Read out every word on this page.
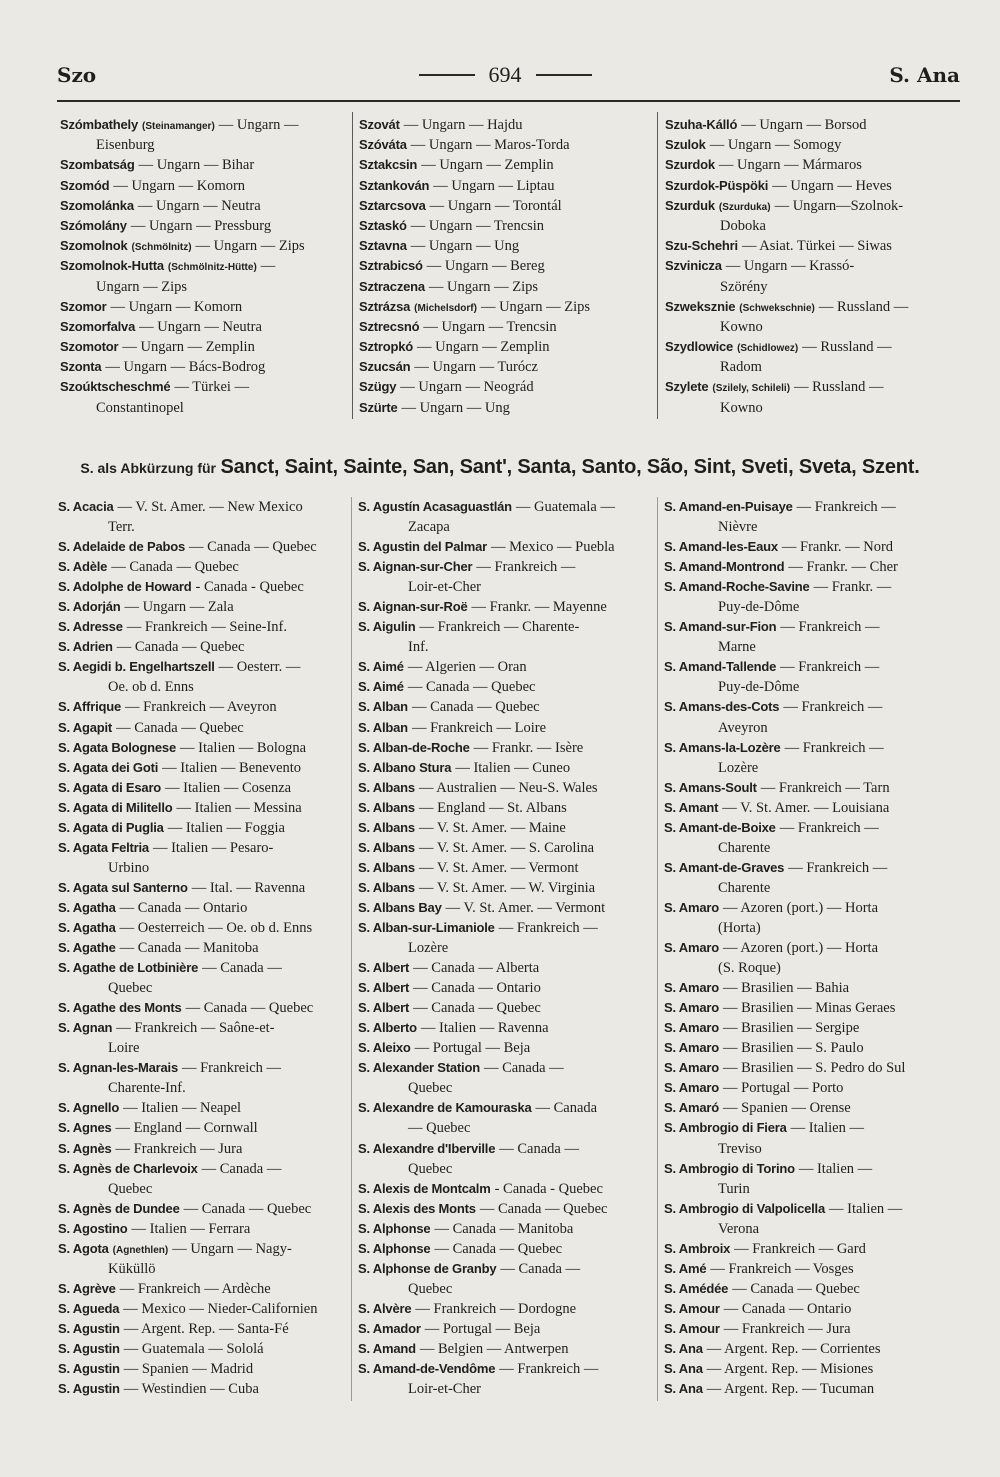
Szo	694	S. Ana
Szómbathely (Steinamanger) — Ungarn —
Eisenburg
Szombatság — Ungarn — Bihar
Szomód — Ungarn — Komorn
Szomolánka — Ungarn — Neutra
Szómolány — Ungarn — Pressburg
Szomolnok (Schmölnitz) — Ungarn — Zips
Szomolnok-Hutta (Schmölnitz-Hütte) —
Ungarn — Zips
Szomor — Ungarn — Komorn
Szomorfalva — Ungarn — Neutra
Szomotor — Ungarn — Zemplin
Szonta — Ungarn — Bács-Bodrog
Szoúktscheschmé — Türkei —
Constantinopel
Szovát — Ungarn — Hajdu
Szóváta — Ungarn — Maros-Torda
Sztakcsin — Ungarn — Zemplin
Sztankován — Ungarn — Liptau
Sztarcsova — Ungarn — Torontál
Sztaskó — Ungarn — Trencsin
Sztavna — Ungarn — Ung
Sztrabicsó — Ungarn — Bereg
Sztraczena — Ungarn — Zips
Sztrázsa (Michelsdorf) — Ungarn — Zips
Sztrecsnó — Ungarn — Trencsin
Sztropkó — Ungarn — Zemplin
Szucsán — Ungarn — Turócz
Szügy — Ungarn — Neográd
Szürte — Ungarn — Ung
Szuha-Kálló — Ungarn — Borsod
Szulok — Ungarn — Somogy
Szurdok — Ungarn — Mármaros
Szurdok-Püspöki — Ungarn — Heves
Szurduk (Szurduka) — Ungarn—Szolnok-
Doboka
Szu-Schehri — Asiat. Türkei — Siwas
Szvinicza — Ungarn — Krassó-
Szörény
Szweksznie (Schwekschnie) — Russland —
Kowno
Szydlowice (Schidlowez) — Russland —
Radom
Szylete (Szilely, Schileli) — Russland —
Kowno
S. als Abkürzung für Sanct, Saint, Sainte, San, Sant', Santa, Santo, São, Sint, Sveti, Sveta, Szent.
S. Acacia — V. St. Amer. — New Mexico
Terr.
S. Adelaide de Pabos — Canada — Quebec
S. Adèle — Canada — Quebec
S. Adolphe de Howard - Canada - Quebec
S. Adorján — Ungarn — Zala
S. Adresse — Frankreich — Seine-Inf.
S. Adrien — Canada — Quebec
S. Aegidi b. Engelhartszell — Oesterr. —
Oe. ob d. Enns
S. Affrique — Frankreich — Aveyron
S. Agapit — Canada — Quebec
S. Agata Bolognese — Italien — Bologna
S. Agata dei Goti — Italien — Benevento
S. Agata di Esaro — Italien — Cosenza
S. Agata di Militello — Italien — Messina
S. Agata di Puglia — Italien — Foggia
S. Agata Feltria — Italien — Pesaro-
Urbino
S. Agata sul Santerno — Ital. — Ravenna
S. Agatha — Canada — Ontario
S. Agatha — Oesterreich — Oe. ob d. Enns
S. Agathe — Canada — Manitoba
S. Agathe de Lotbinière — Canada —
Quebec
S. Agathe des Monts — Canada — Quebec
S. Agnan — Frankreich — Saône-et-
Loire
S. Agnan-les-Marais — Frankreich —
Charente-Inf.
S. Agnello — Italien — Neapel
S. Agnes — England — Cornwall
S. Agnès — Frankreich — Jura
S. Agnès de Charlevoix — Canada —
Quebec
S. Agnès de Dundee — Canada — Quebec
S. Agostino — Italien — Ferrara
S. Agota (Agnethlen) — Ungarn — Nagy-
Küküllö
S. Agrève — Frankreich — Ardèche
S. Agueda — Mexico — Nieder-Californien
S. Agustin — Argent. Rep. — Santa-Fé
S. Agustin — Guatemala — Sololá
S. Agustin — Spanien — Madrid
S. Agustin — Westindien — Cuba
S. Agustín Acasaguastlán — Guatemala —
Zacapa
S. Agustin del Palmar — Mexico — Puebla
S. Aignan-sur-Cher — Frankreich —
Loir-et-Cher
S. Aignan-sur-Roë — Frankr. — Mayenne
S. Aigulin — Frankreich — Charente-
Inf.
S. Aimé — Algerien — Oran
S. Aimé — Canada — Quebec
S. Alban — Canada — Quebec
S. Alban — Frankreich — Loire
S. Alban-de-Roche — Frankr. — Isère
S. Albano Stura — Italien — Cuneo
S. Albans — Australien — Neu-S. Wales
S. Albans — England — St. Albans
S. Albans — V. St. Amer. — Maine
S. Albans — V. St. Amer. — S. Carolina
S. Albans — V. St. Amer. — Vermont
S. Albans — V. St. Amer. — W. Virginia
S. Albans Bay — V. St. Amer. — Vermont
S. Alban-sur-Limaniole — Frankreich —
Lozère
S. Albert — Canada — Alberta
S. Albert — Canada — Ontario
S. Albert — Canada — Quebec
S. Alberto — Italien — Ravenna
S. Aleixo — Portugal — Beja
S. Alexander Station — Canada —
Quebec
S. Alexandre de Kamouraska — Canada
— Quebec
S. Alexandre d'Iberville — Canada —
Quebec
S. Alexis de Montcalm - Canada - Quebec
S. Alexis des Monts — Canada — Quebec
S. Alphonse — Canada — Manitoba
S. Alphonse — Canada — Quebec
S. Alphonse de Granby — Canada —
Quebec
S. Alvère — Frankreich — Dordogne
S. Amador — Portugal — Beja
S. Amand — Belgien — Antwerpen
S. Amand-de-Vendôme — Frankreich —
Loir-et-Cher
S. Amand-en-Puisaye — Frankreich —
Nièvre
S. Amand-les-Eaux — Frankr. — Nord
S. Amand-Montrond — Frankr. — Cher
S. Amand-Roche-Savine — Frankr. —
Puy-de-Dôme
S. Amand-sur-Fion — Frankreich —
Marne
S. Amand-Tallende — Frankreich —
Puy-de-Dôme
S. Amans-des-Cots — Frankreich —
Aveyron
S. Amans-la-Lozère — Frankreich —
Lozère
S. Amans-Soult — Frankreich — Tarn
S. Amant — V. St. Amer. — Louisiana
S. Amant-de-Boixe — Frankreich —
Charente
S. Amant-de-Graves — Frankreich —
Charente
S. Amaro — Azoren (port.) — Horta
(Horta)
S. Amaro — Azoren (port.) — Horta
(S. Roque)
S. Amaro — Brasilien — Bahia
S. Amaro — Brasilien — Minas Geraes
S. Amaro — Brasilien — Sergipe
S. Amaro — Brasilien — S. Paulo
S. Amaro — Brasilien — S. Pedro do Sul
S. Amaro — Portugal — Porto
S. Amaró — Spanien — Orense
S. Ambrogio di Fiera — Italien —
Treviso
S. Ambrogio di Torino — Italien —
Turin
S. Ambrogio di Valpolicella — Italien —
Verona
S. Ambroix — Frankreich — Gard
S. Amé — Frankreich — Vosges
S. Amédée — Canada — Quebec
S. Amour — Canada — Ontario
S. Amour — Frankreich — Jura
S. Ana — Argent. Rep. — Corrientes
S. Ana — Argent. Rep. — Misiones
S. Ana — Argent. Rep. — Tucuman
